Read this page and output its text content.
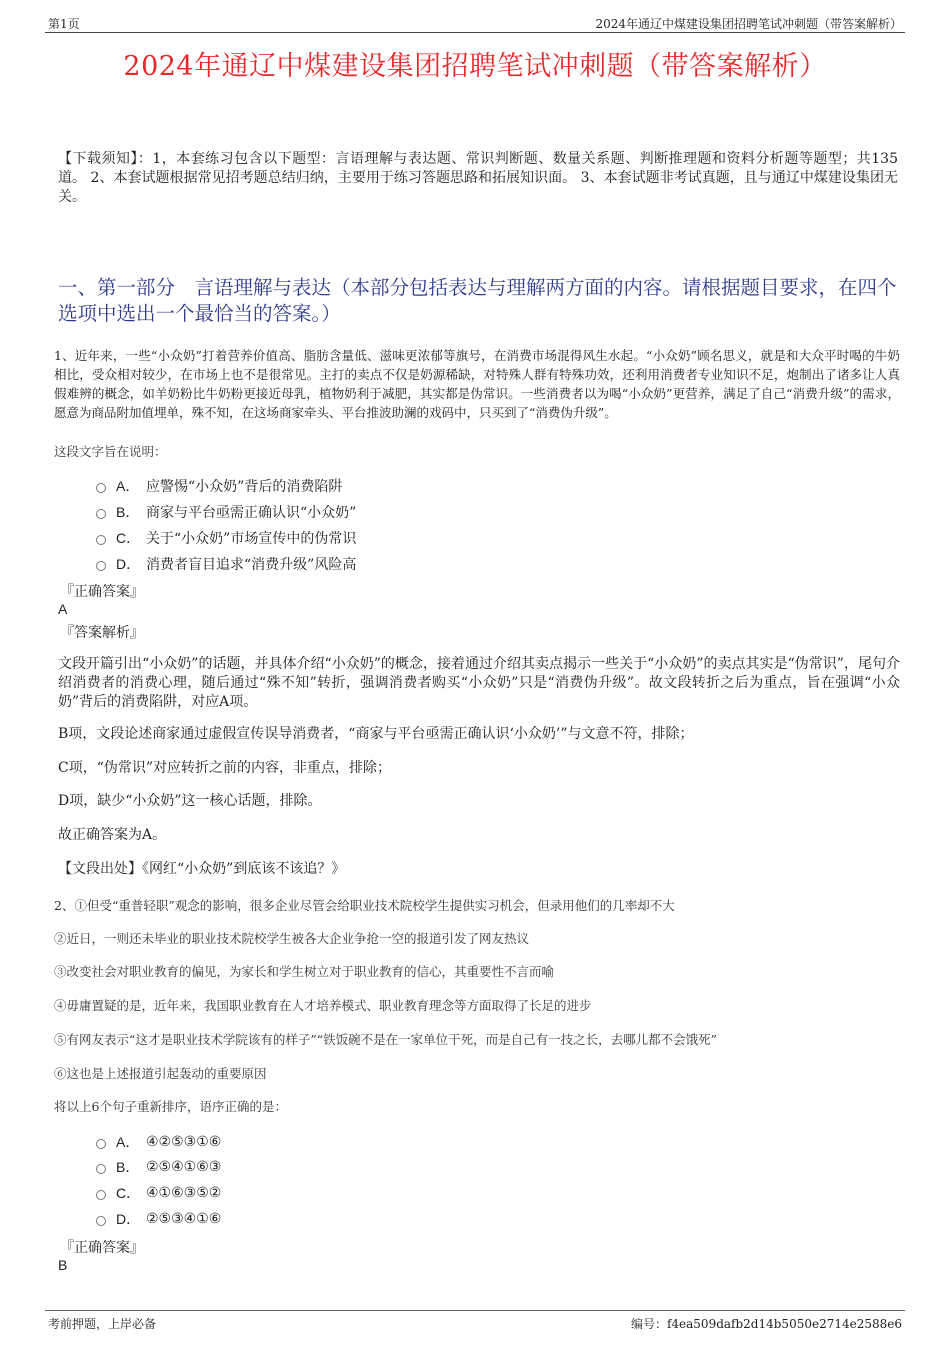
第1页	2024年通辽中煤建设集团招聘笔试冲刺题（带答案解析）
2024年通辽中煤建设集团招聘笔试冲刺题（带答案解析）
【下载须知】：1，本套练习包含以下题型：言语理解与表达题、常识判断题、数量关系题、判断推理题和资料分析题等题型；共135道。 2、本套试题根据常见招考题总结归纳，主要用于练习答题思路和拓展知识面。 3、本套试题非考试真题，且与通辽中煤建设集团无关。
一、第一部分　言语理解与表达（本部分包括表达与理解两方面的内容。请根据题目要求，在四个选项中选出一个最恰当的答案。）
1、近年来，一些“小众奶”打着营养价值高、脂肪含量低、滋味更浓郁等旗号，在消费市场混得风生水起。“小众奶”顾名思义，就是和大众平时喝的牛奶相比，受众相对较少，在市场上也不是很常见。主打的卖点不仅是奶源稀缺，对特殊人群有特殊功效，还利用消费者专业知识不足，炮制出了诸多让人真假难辨的概念，如羊奶粉比牛奶粉更接近母乳，植物奶利于减肥，其实都是伪常识。一些消费者以为喝“小众奶”更营养，满足了自己“消费升级”的需求，愿意为商品附加值埋单，殊不知，在这场商家牵头、平台推波助澜的戏码中，只买到了“消费伪升级”。
这段文字旨在说明：
A． 应警惕“小众奶”背后的消费陷阱
B． 商家与平台亟需正确认识“小众奶”
C． 关于“小众奶”市场宣传中的伪常识
D． 消费者盲目追求“消费升级”风险高
『正确答案』
A
『答案解析』
文段开篇引出“小众奶”的话题，并具体介绍“小众奶”的概念，接着通过介绍其卖点揭示一些关于“小众奶”的卖点其实是“伪常识”，尾句介绍消费者的消费心理，随后通过“殊不知”转折，强调消费者购买“小众奶”只是“消费伪升级”。故文段转折之后为重点，旨在强调“小众奶”背后的消费陷阱，对应A项。
B项，文段论述商家通过虚假宣传误导消费者，“商家与平台亟需正确认识‘小众奶’”与文意不符，排除；
C项，“伪常识”对应转折之前的内容，非重点，排除；
D项，缺少“小众奶”这一核心话题，排除。
故正确答案为A。
【文段出处】《网红“小众奶”到底该不该追？》
2、①但受“重普轻职”观念的影响，很多企业尽管会给职业技术院校学生提供实习机会，但录用他们的几率却不大
②近日，一则还未毕业的职业技术院校学生被各大企业争抢一空的报道引发了网友热议
③改变社会对职业教育的偏见，为家长和学生树立对于职业教育的信心，其重要性不言而喻
④毋庸置疑的是，近年来，我国职业教育在人才培养模式、职业教育理念等方面取得了长足的进步
⑤有网友表示“这才是职业技术学院该有的样子”“铁饭碗不是在一家单位干死，而是自己有一技之长，去哪儿都不会饿死”
⑥这也是上述报道引起轰动的重要原因
将以上6个句子重新排序，语序正确的是：
A． ④②⑤③①⑥
B． ②⑤④①⑥③
C． ④①⑥③⑤②
D． ②⑤③④①⑥
『正确答案』
B
考前押题，上岸必备	编号：f4ea509dafb2d14b5050e2714e2588e6
